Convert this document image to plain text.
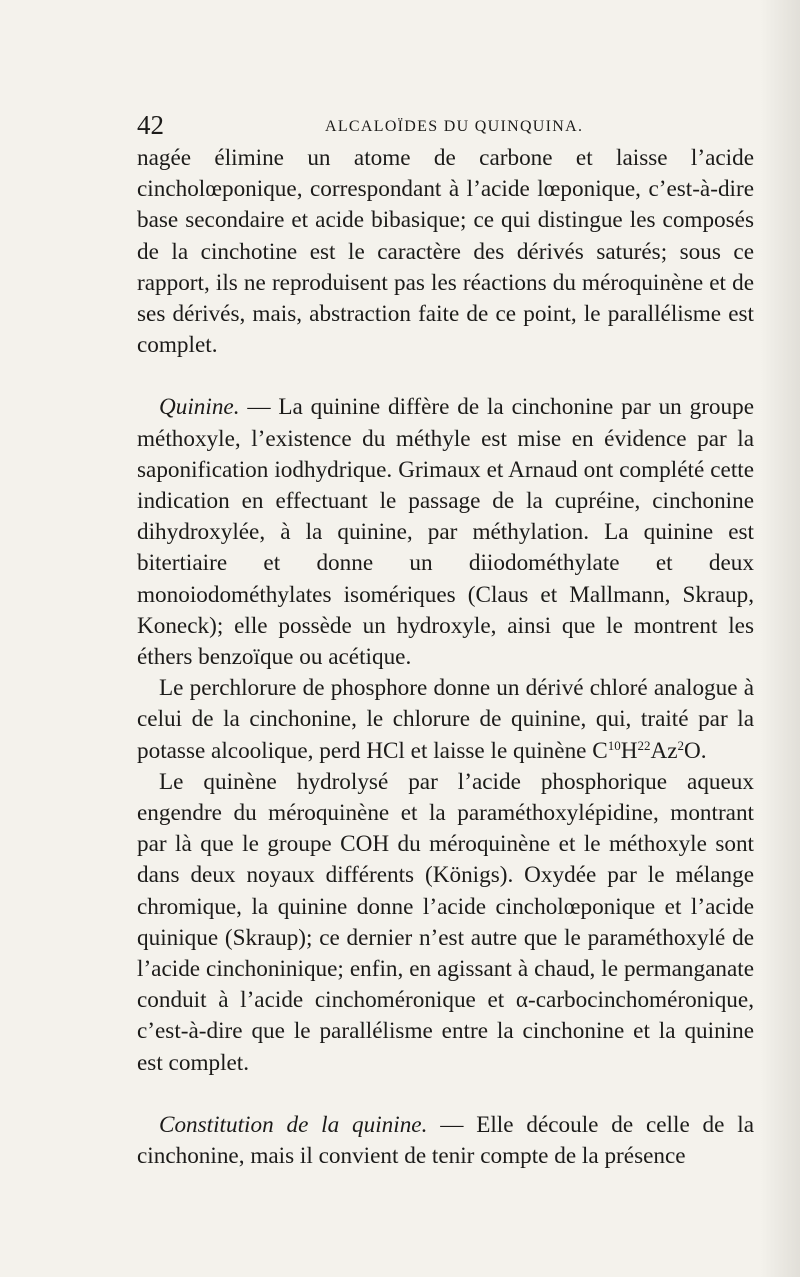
42	ALCALOÏDES DU QUINQUINA.

nagée élimine un atome de carbone et laisse l’acide cincholœponique, correspondant à l’acide lœponique, c’est-à-dire base secondaire et acide bibasique; ce qui distingue les composés de la cinchotine est le caractère des dérivés saturés; sous ce rapport, ils ne reproduisent pas les réactions du méroquinène et de ses dérivés, mais, abstraction faite de ce point, le parallélisme est complet.

Quinine. — La quinine diffère de la cinchonine par un groupe méthoxyle, l’existence du méthyle est mise en évidence par la saponification iodhydrique. Grimaux et Arnaud ont complété cette indication en effectuant le passage de la cupréine, cinchonine dihydroxylée, à la quinine, par méthylation. La quinine est bitertiaire et donne un diiodométhylate et deux monoiodométhylates isomériques (Claus et Mallmann, Skraup, Koneck); elle possède un hydroxyle, ainsi que le montrent les éthers benzoïque ou acétique.

Le perchlorure de phosphore donne un dérivé chloré analogue à celui de la cinchonine, le chlorure de quinine, qui, traité par la potasse alcoolique, perd HCl et laisse le quinène $C^{10}H^{22}Az^2O$.

Le quinène hydrolysé par l’acide phosphorique aqueux engendre du méroquinène et la paraméthoxylépidine, montrant par là que le groupe COH du méroquinène et le méthoxyle sont dans deux noyaux différents (Königs). Oxydée par le mélange chromique, la quinine donne l’acide cincholœponique et l’acide quinique (Skraup); ce dernier n’est autre que le paraméthoxylé de l’acide cinchoninique; enfin, en agissant à chaud, le permanganate conduit à l’acide cinchoméronique et α-carbocinchoméronique, c’est-à-dire que le parallélisme entre la cinchonine et la quinine est complet.

Constitution de la quinine. — Elle découle de celle de la cinchonine, mais il convient de tenir compte de la présence
